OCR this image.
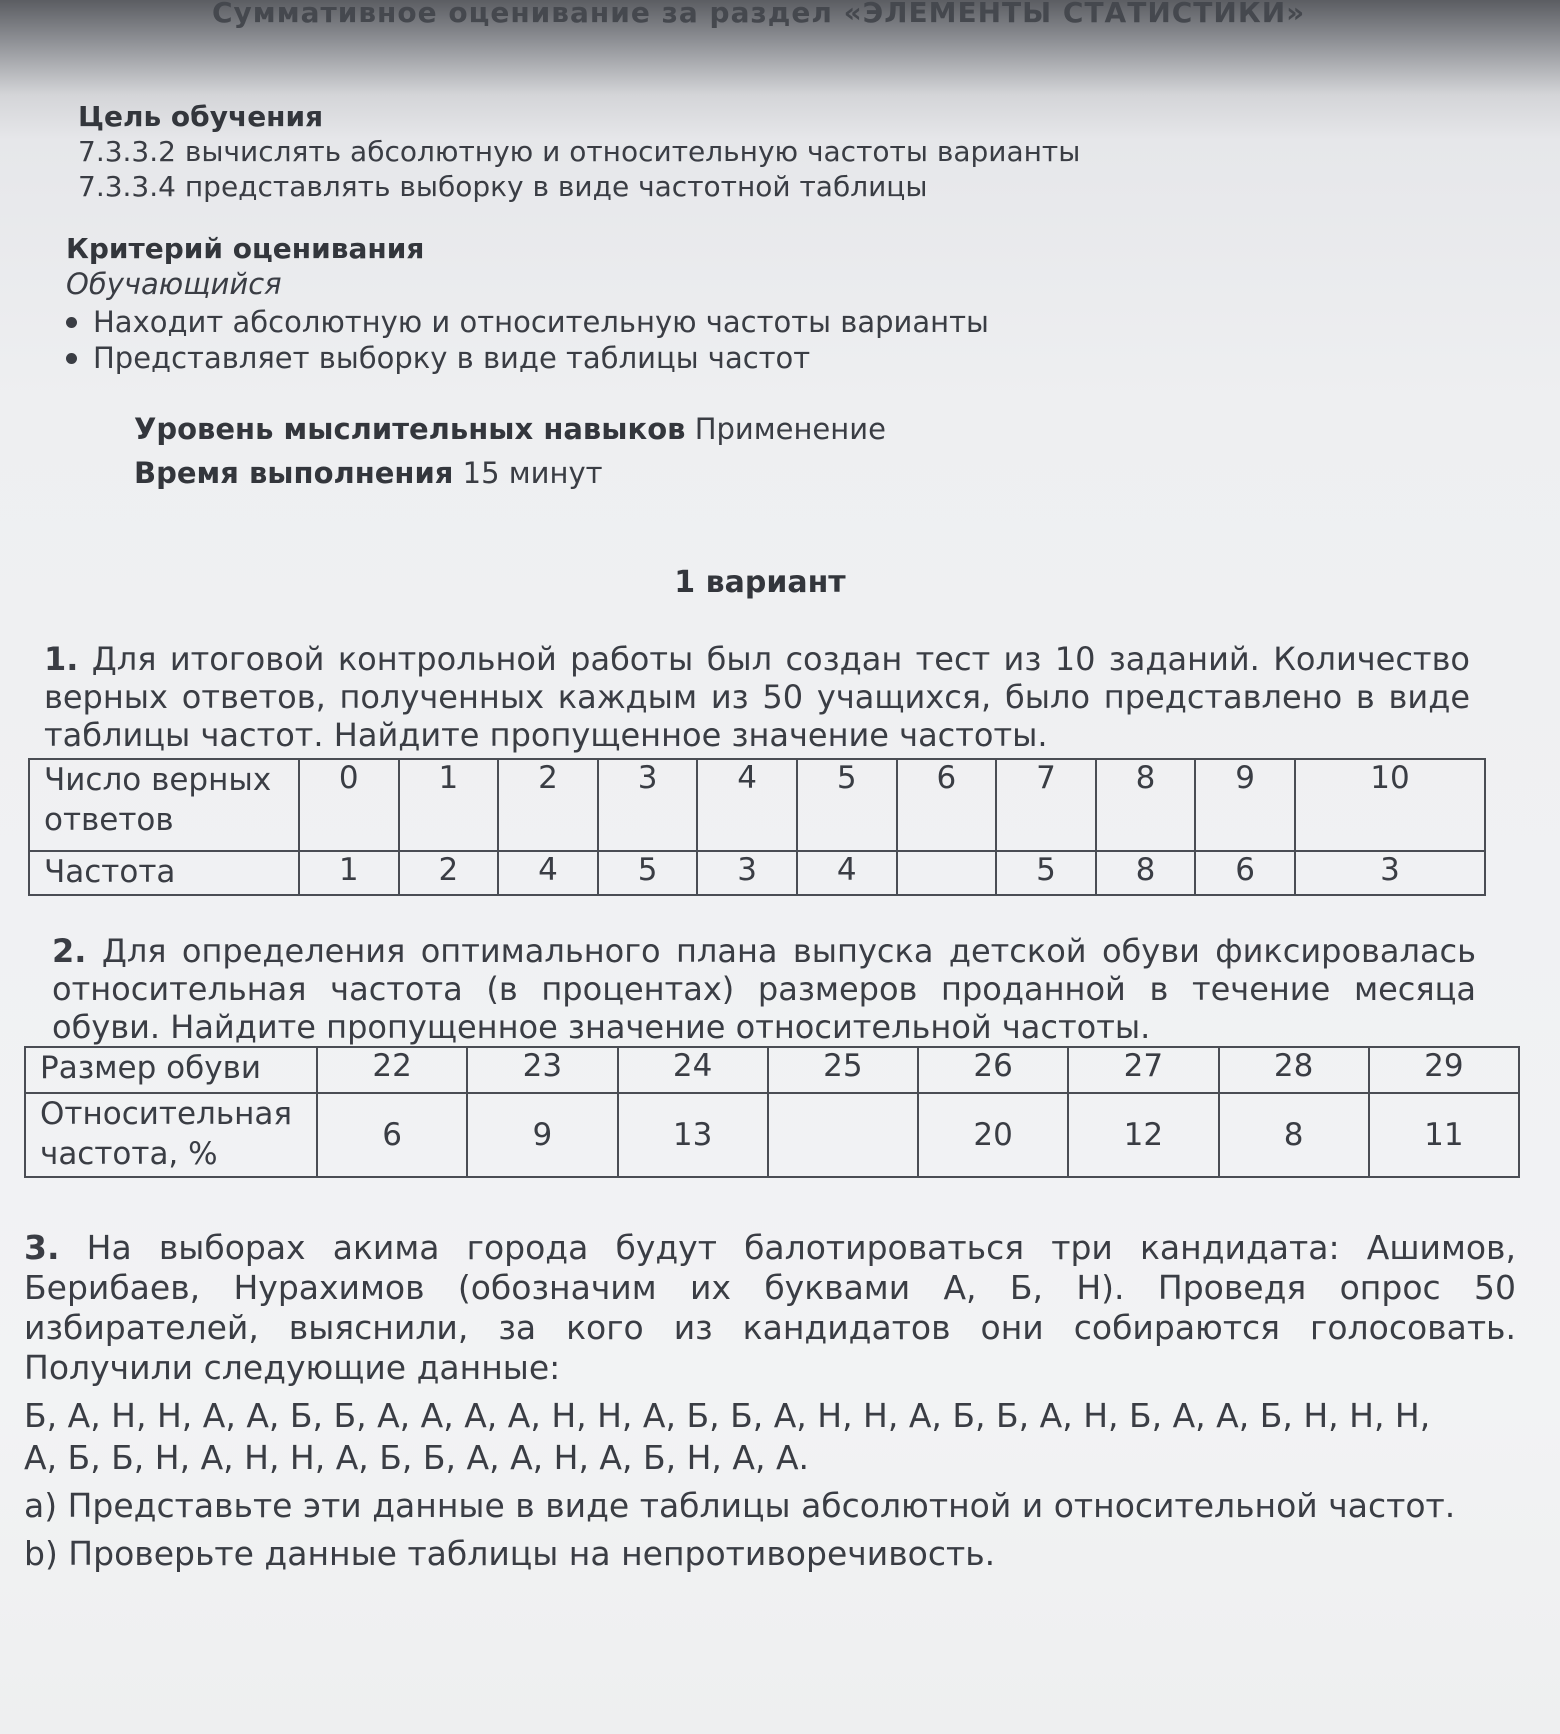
Суммативное оценивание за раздел «ЭЛЕМЕНТЫ СТАТИСТИКИ»
Цель обучения
7.3.3.2 вычислять абсолютную и относительную частоты варианты
7.3.3.4 представлять выборку в виде частотной таблицы
Критерий оценивания
Обучающийся
Находит абсолютную и относительную частоты варианты
Представляет выборку в виде таблицы частот
Уровень мыслительных навыков Применение
Время выполнения 15 минут
1 вариант
1. Для итоговой контрольной работы был создан тест из 10 заданий. Количество верных ответов, полученных каждым из 50 учащихся, было представлено в виде таблицы частот. Найдите пропущенное значение частоты.
Число верных ответов	0	1	2	3	4	5	6	7	8	9	10
Частота	1	2	4	5	3	4		5	8	6	3
2. Для определения оптимального плана выпуска детской обуви фиксировалась относительная частота (в процентах) размеров проданной в течение месяца обуви. Найдите пропущенное значение относительной частоты.
Размер обуви	22	23	24	25	26	27	28	29
Относительная частота, %	6	9	13		20	12	8	11
3. На выборах акима города будут балотироваться три кандидата: Ашимов, Берибаев, Нурахимов (обозначим их буквами А, Б, Н). Проведя опрос 50 избирателей, выяснили, за кого из кандидатов они собираются голосовать. Получили следующие данные:
Б, А, Н, Н, А, А, Б, Б, А, А, А, А, Н, Н, А, Б, Б, А, Н, Н, А, Б, Б, А, Н, Б, А, А, Б, Н, Н, Н,
А, Б, Б, Н, А, Н, Н, А, Б, Б, А, А, Н, А, Б, Н, А, А.
а) Представьте эти данные в виде таблицы абсолютной и относительной частот.
b) Проверьте данные таблицы на непротиворечивость.
